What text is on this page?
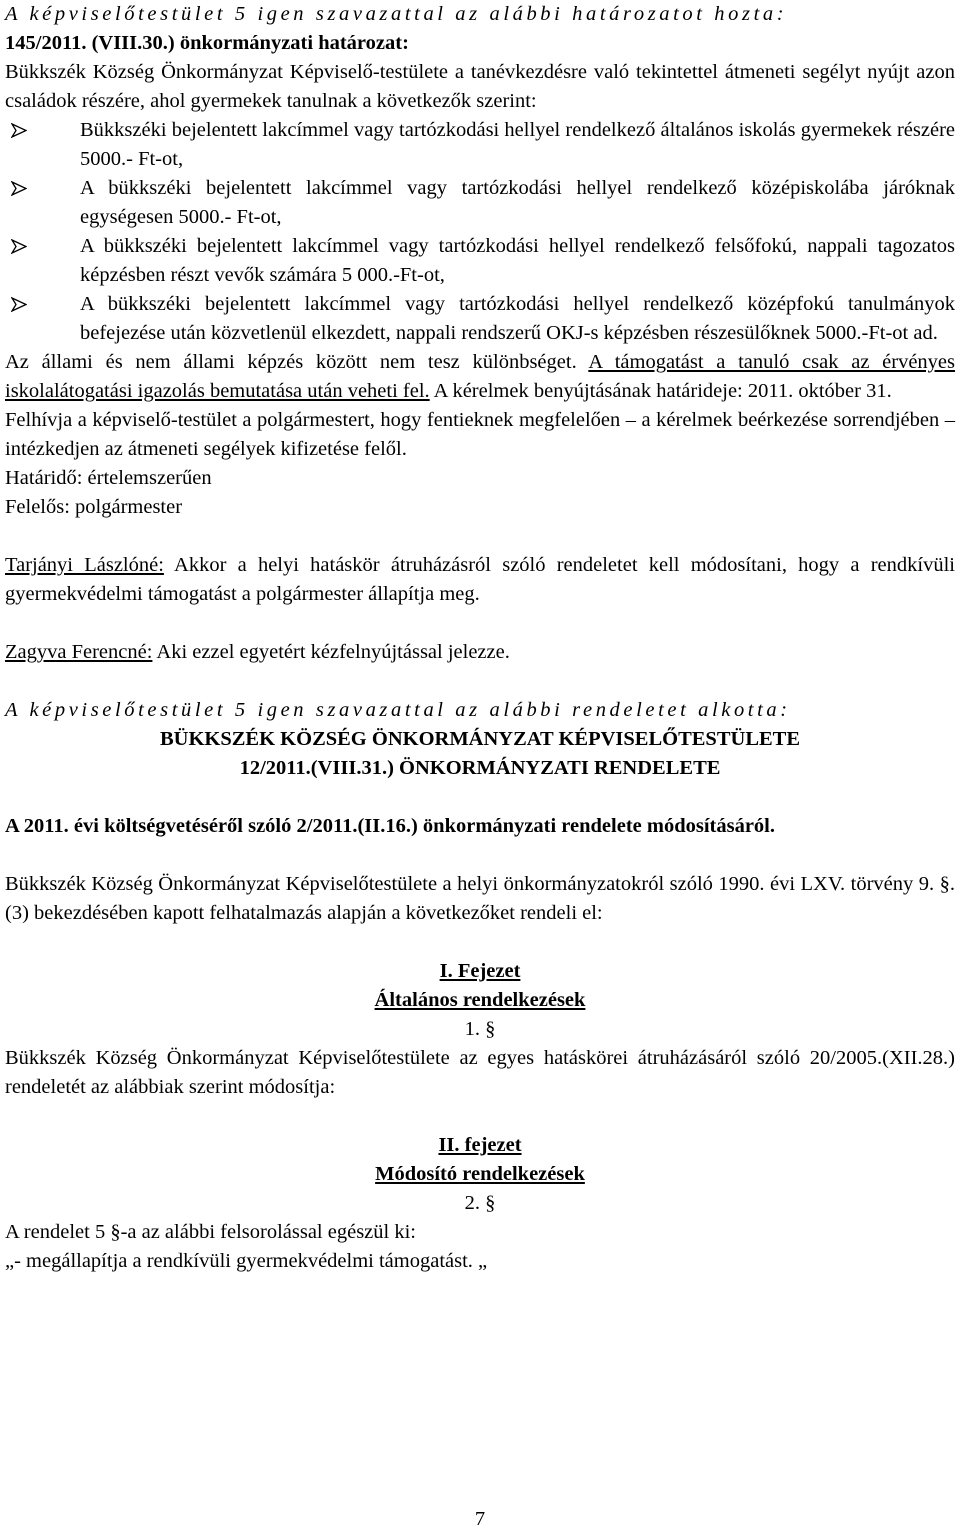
A képviselőtestület 5 igen szavazattal az alábbi határozatot hozta:

145/2011. (VIII.30.) önkormányzati határozat:

Bükkszék Község Önkormányzat Képviselő-testülete a tanévkezdésre való tekintettel átmeneti segélyt nyújt azon családok részére, ahol gyermekek tanulnak a következők szerint:

Bükkszéki bejelentett lakcímmel vagy tartózkodási hellyel rendelkező általános iskolás gyermekek részére 5000.- Ft-ot,
A bükkszéki bejelentett lakcímmel vagy tartózkodási hellyel rendelkező középiskolába járóknak egységesen 5000.- Ft-ot,
A bükkszéki bejelentett lakcímmel vagy tartózkodási hellyel rendelkező felsőfokú, nappali tagozatos képzésben részt vevők számára 5 000.-Ft-ot,
A bükkszéki bejelentett lakcímmel vagy tartózkodási hellyel rendelkező középfokú tanulmányok befejezése után közvetlenül elkezdett, nappali rendszerű OKJ-s képzésben részesülőknek 5000.-Ft-ot ad.

Az állami és nem állami képzés között nem tesz különbséget. A támogatást a tanuló csak az érvényes iskolalátogatási igazolás bemutatása után veheti fel. A kérelmek benyújtásának határideje: 2011. október 31.

Felhívja a képviselő-testület a polgármestert, hogy fentieknek megfelelően – a kérelmek beérkezése sorrendjében – intézkedjen az átmeneti segélyek kifizetése felől.

Határidő: értelemszerűen

Felelős: polgármester

Tarjányi Lászlóné: Akkor a helyi hatáskör átruházásról szóló rendeletet kell módosítani, hogy a rendkívüli gyermekvédelmi támogatást a polgármester állapítja meg.

Zagyva Ferencné: Aki ezzel egyetért kézfelnyújtással jelezze.

A képviselőtestület 5 igen szavazattal az alábbi rendeletet alkotta:

BÜKKSZÉK KÖZSÉG ÖNKORMÁNYZAT KÉPVISELŐTESTÜLETE

12/2011.(VIII.31.) ÖNKORMÁNYZATI RENDELETE

A 2011. évi költségvetéséről szóló 2/2011.(II.16.) önkormányzati rendelete módosításáról.

Bükkszék Község Önkormányzat Képviselőtestülete a helyi önkormányzatokról szóló 1990. évi LXV. törvény 9. §. (3) bekezdésében kapott felhatalmazás alapján a következőket rendeli el:

I. Fejezet

Általános rendelkezések

1. §

Bükkszék Község Önkormányzat Képviselőtestülete az egyes hatáskörei átruházásáról szóló 20/2005.(XII.28.) rendeletét az alábbiak szerint módosítja:

II. fejezet

Módosító rendelkezések

2. §

A rendelet 5 §-a az alábbi felsorolással egészül ki:

„- megállapítja a rendkívüli gyermekvédelmi támogatást. „

7
